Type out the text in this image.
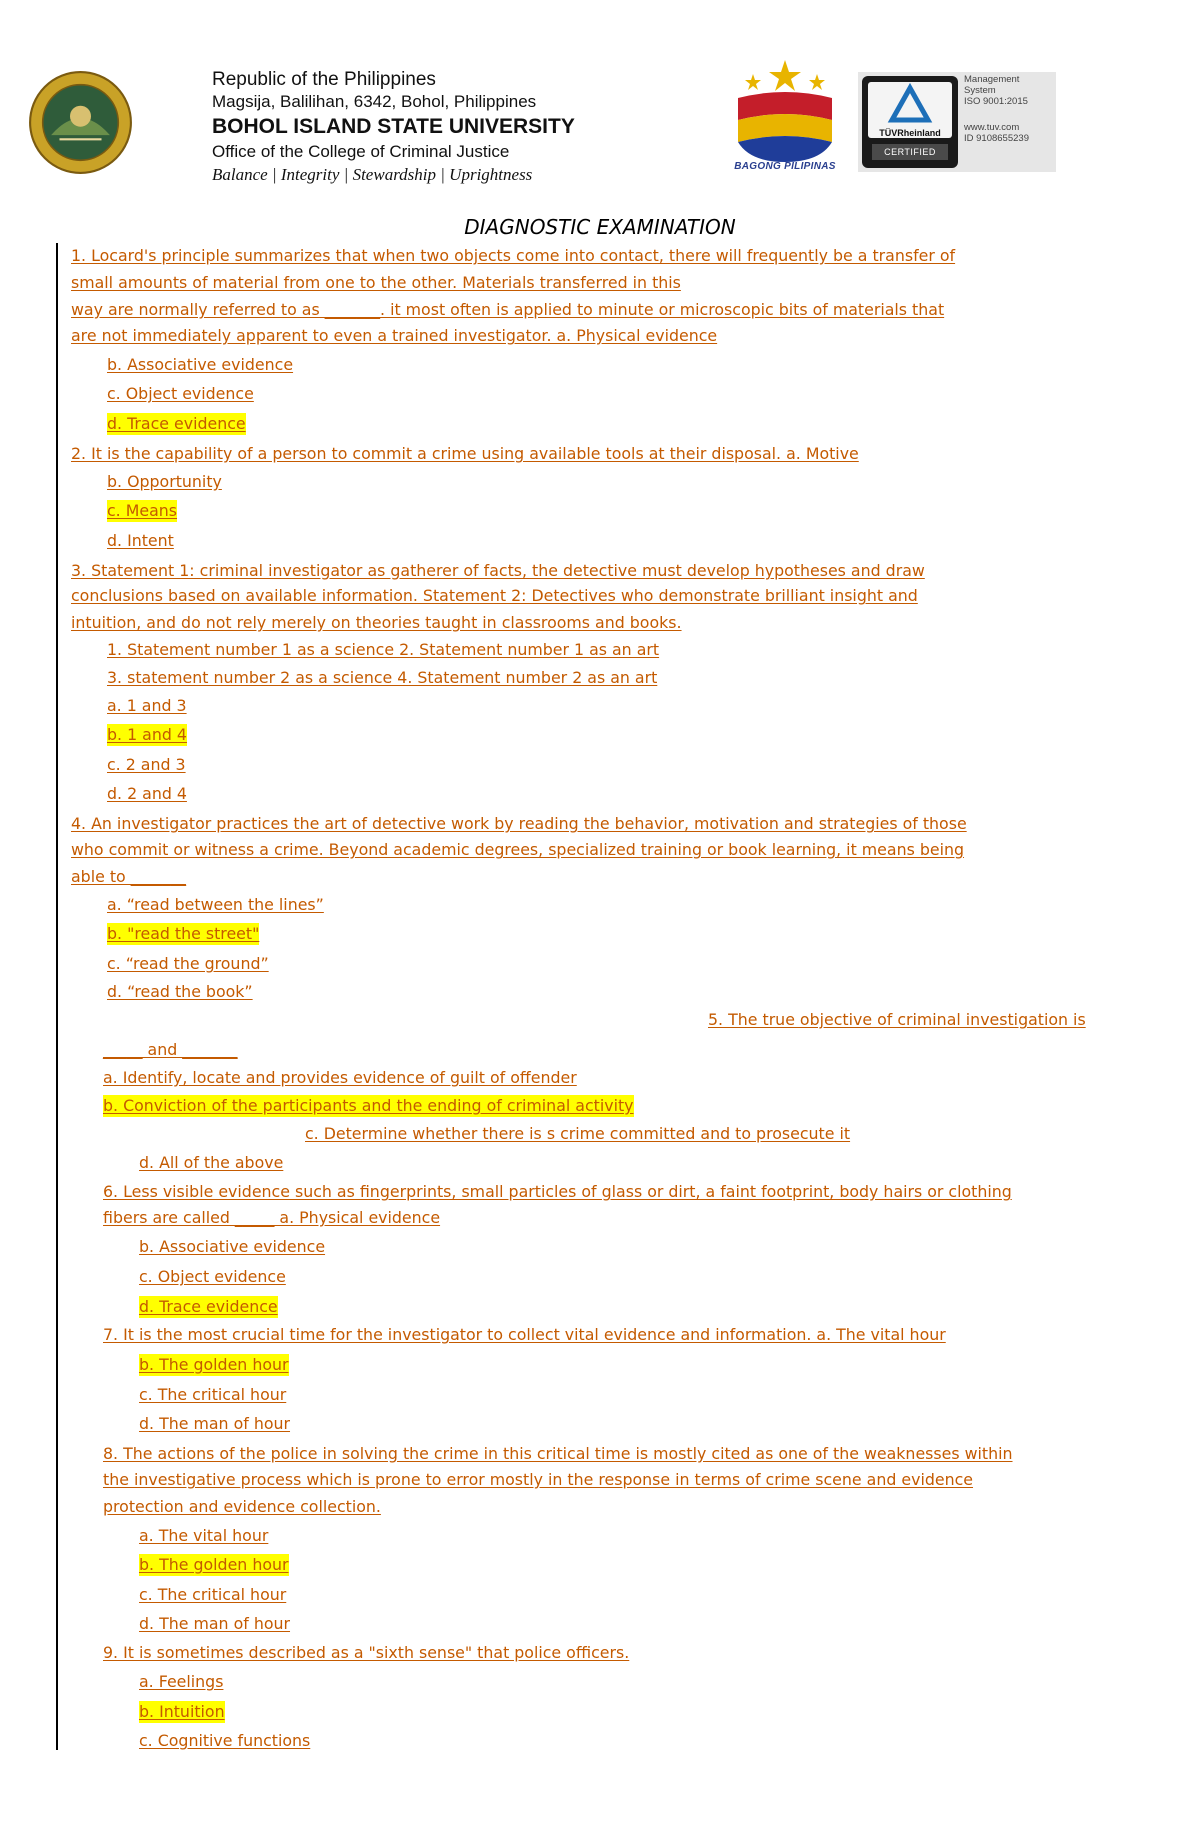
Republic of the Philippines
Magsija, Balilihan, 6342, Bohol, Philippines
BOHOL ISLAND STATE UNIVERSITY
Office of the College of Criminal Justice
Balance | Integrity | Stewardship | Uprightness	BAGONG PILIPINAS
TÜVRheinland
CERTIFIED
Management
System
ISO 9001:2015
www.tuv.com
ID 9108655239
DIAGNOSTIC EXAMINATION
1. Locard's principle summarizes that when two objects come into contact, there will frequently be a transfer of
small amounts of material from one to the other. Materials transferred in this
way are normally referred to as _______. it most often is applied to minute or microscopic bits of materials that
are not immediately apparent to even a trained investigator. a. Physical evidence
b. Associative evidence
c. Object evidence
d. Trace evidence
2. It is the capability of a person to commit a crime using available tools at their disposal. a. Motive
b. Opportunity
c. Means
d. Intent
3. Statement 1: criminal investigator as gatherer of facts, the detective must develop hypotheses and draw
conclusions based on available information. Statement 2: Detectives who demonstrate brilliant insight and
intuition, and do not rely merely on theories taught in classrooms and books.
1. Statement number 1 as a science 2. Statement number 1 as an art
3. statement number 2 as a science 4. Statement number 2 as an art
a. 1 and 3
b. 1 and 4
c. 2 and 3
d. 2 and 4
4. An investigator practices the art of detective work by reading the behavior, motivation and strategies of those
who commit or witness a crime. Beyond academic degrees, specialized training or book learning, it means being
able to _______
a. “read between the lines”
b. "read the street"
c. “read the ground”
d. “read the book”
5. The true objective of criminal investigation is
_____ and _______
a. Identify, locate and provides evidence of guilt of offender
b. Conviction of the participants and the ending of criminal activity
c. Determine whether there is s crime committed and to prosecute it
d. All of the above
6. Less visible evidence such as fingerprints, small particles of glass or dirt, a faint footprint, body hairs or clothing
fibers are called _____ a. Physical evidence
b. Associative evidence
c. Object evidence
d. Trace evidence
7. It is the most crucial time for the investigator to collect vital evidence and information. a. The vital hour
b. The golden hour
c. The critical hour
d. The man of hour
8. The actions of the police in solving the crime in this critical time is mostly cited as one of the weaknesses within
the investigative process which is prone to error mostly in the response in terms of crime scene and evidence
protection and evidence collection.
a. The vital hour
b. The golden hour
c. The critical hour
d. The man of hour
9. It is sometimes described as a "sixth sense" that police officers.
a. Feelings
b. Intuition
c. Cognitive functions
